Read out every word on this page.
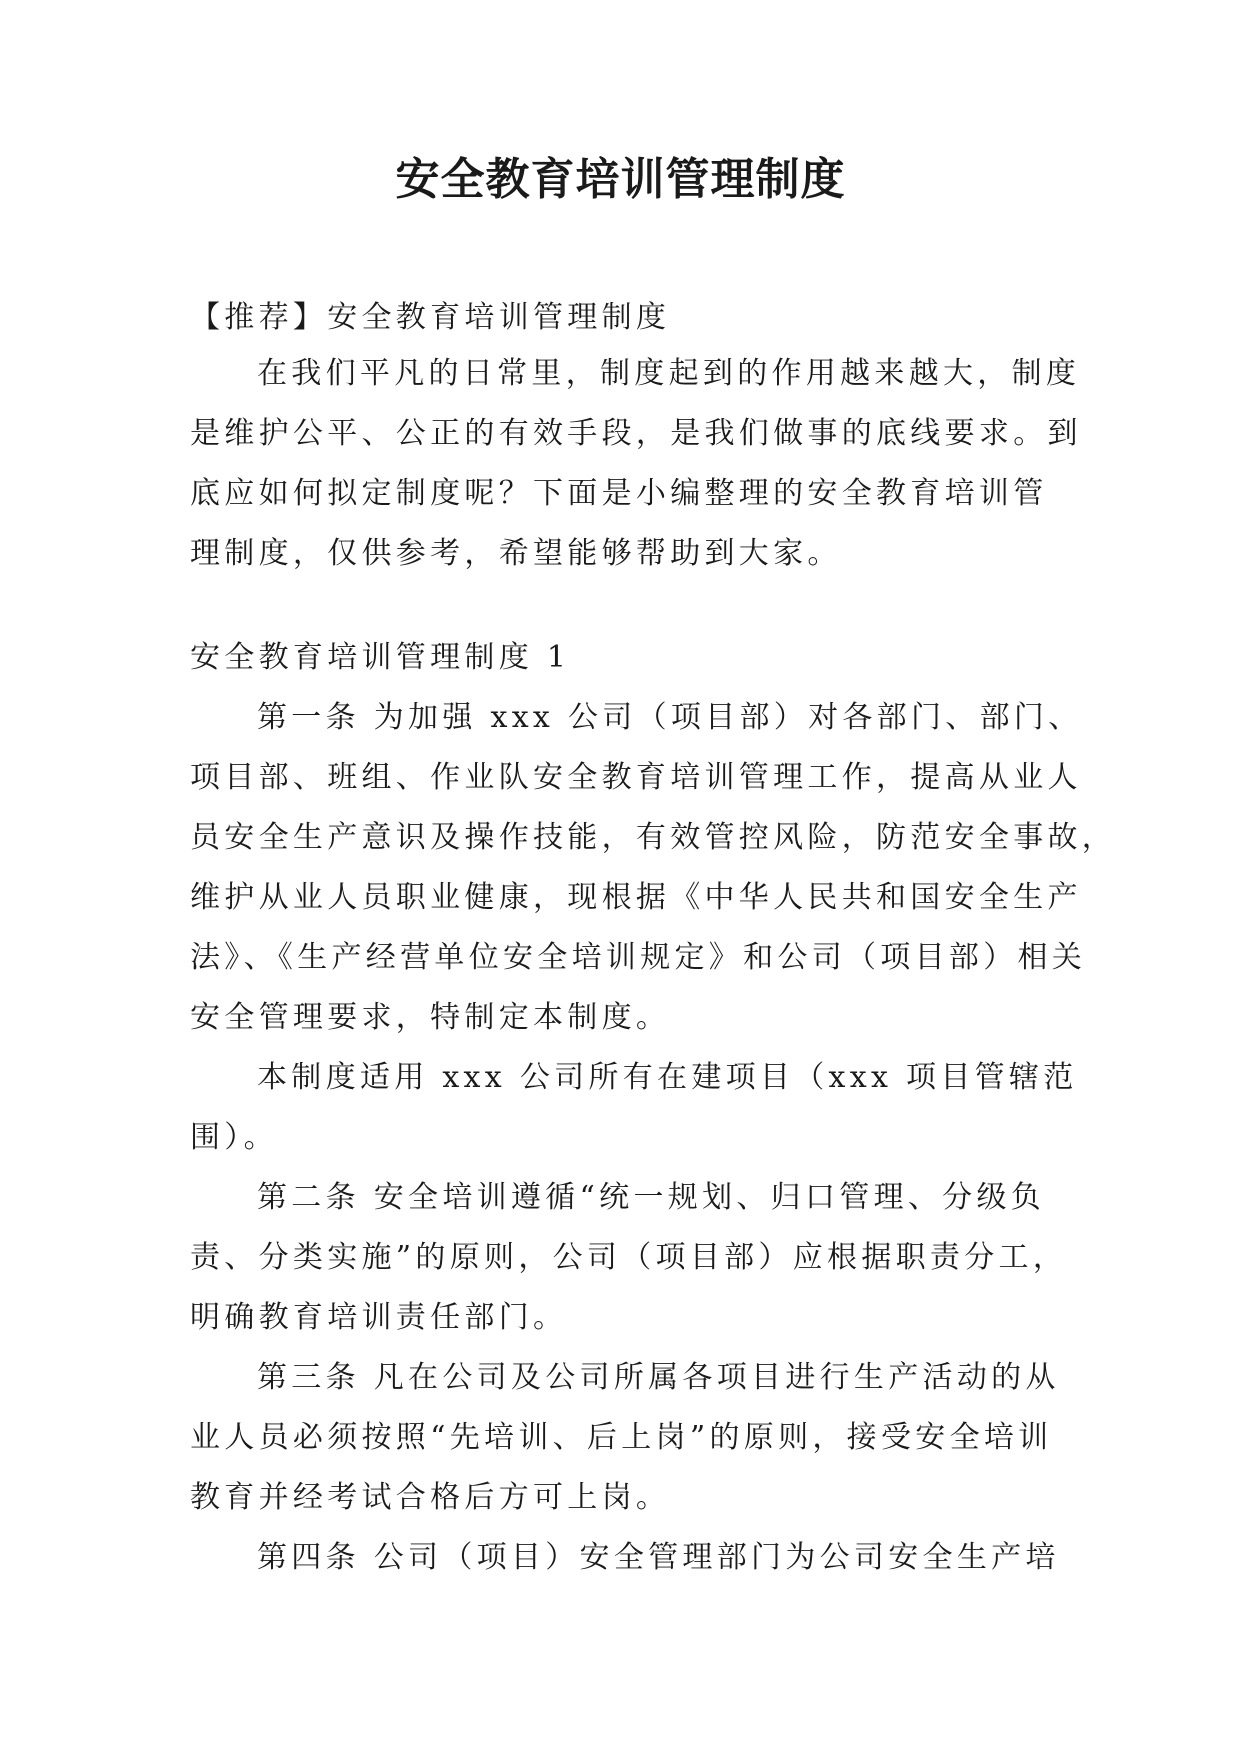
安全教育培训管理制度
【推荐】安全教育培训管理制度
在我们平凡的日常里，制度起到的作用越来越大，制度
是维护公平、公正的有效手段，是我们做事的底线要求。到
底应如何拟定制度呢？下面是小编整理的安全教育培训管
理制度，仅供参考，希望能够帮助到大家。
安全教育培训管理制度 1
第一条 为加强 xxx 公司（项目部）对各部门、部门、
项目部、班组、作业队安全教育培训管理工作，提高从业人
员安全生产意识及操作技能，有效管控风险，防范安全事故，
维护从业人员职业健康，现根据《中华人民共和国安全生产
法》、《生产经营单位安全培训规定》和公司（项目部）相关
安全管理要求，特制定本制度。
本制度适用 xxx 公司所有在建项目（xxx 项目管辖范
围）。
第二条 安全培训遵循“统一规划、归口管理、分级负
责、分类实施”的原则，公司（项目部）应根据职责分工，
明确教育培训责任部门。
第三条 凡在公司及公司所属各项目进行生产活动的从
业人员必须按照“先培训、后上岗”的原则，接受安全培训
教育并经考试合格后方可上岗。
第四条 公司（项目）安全管理部门为公司安全生产培
